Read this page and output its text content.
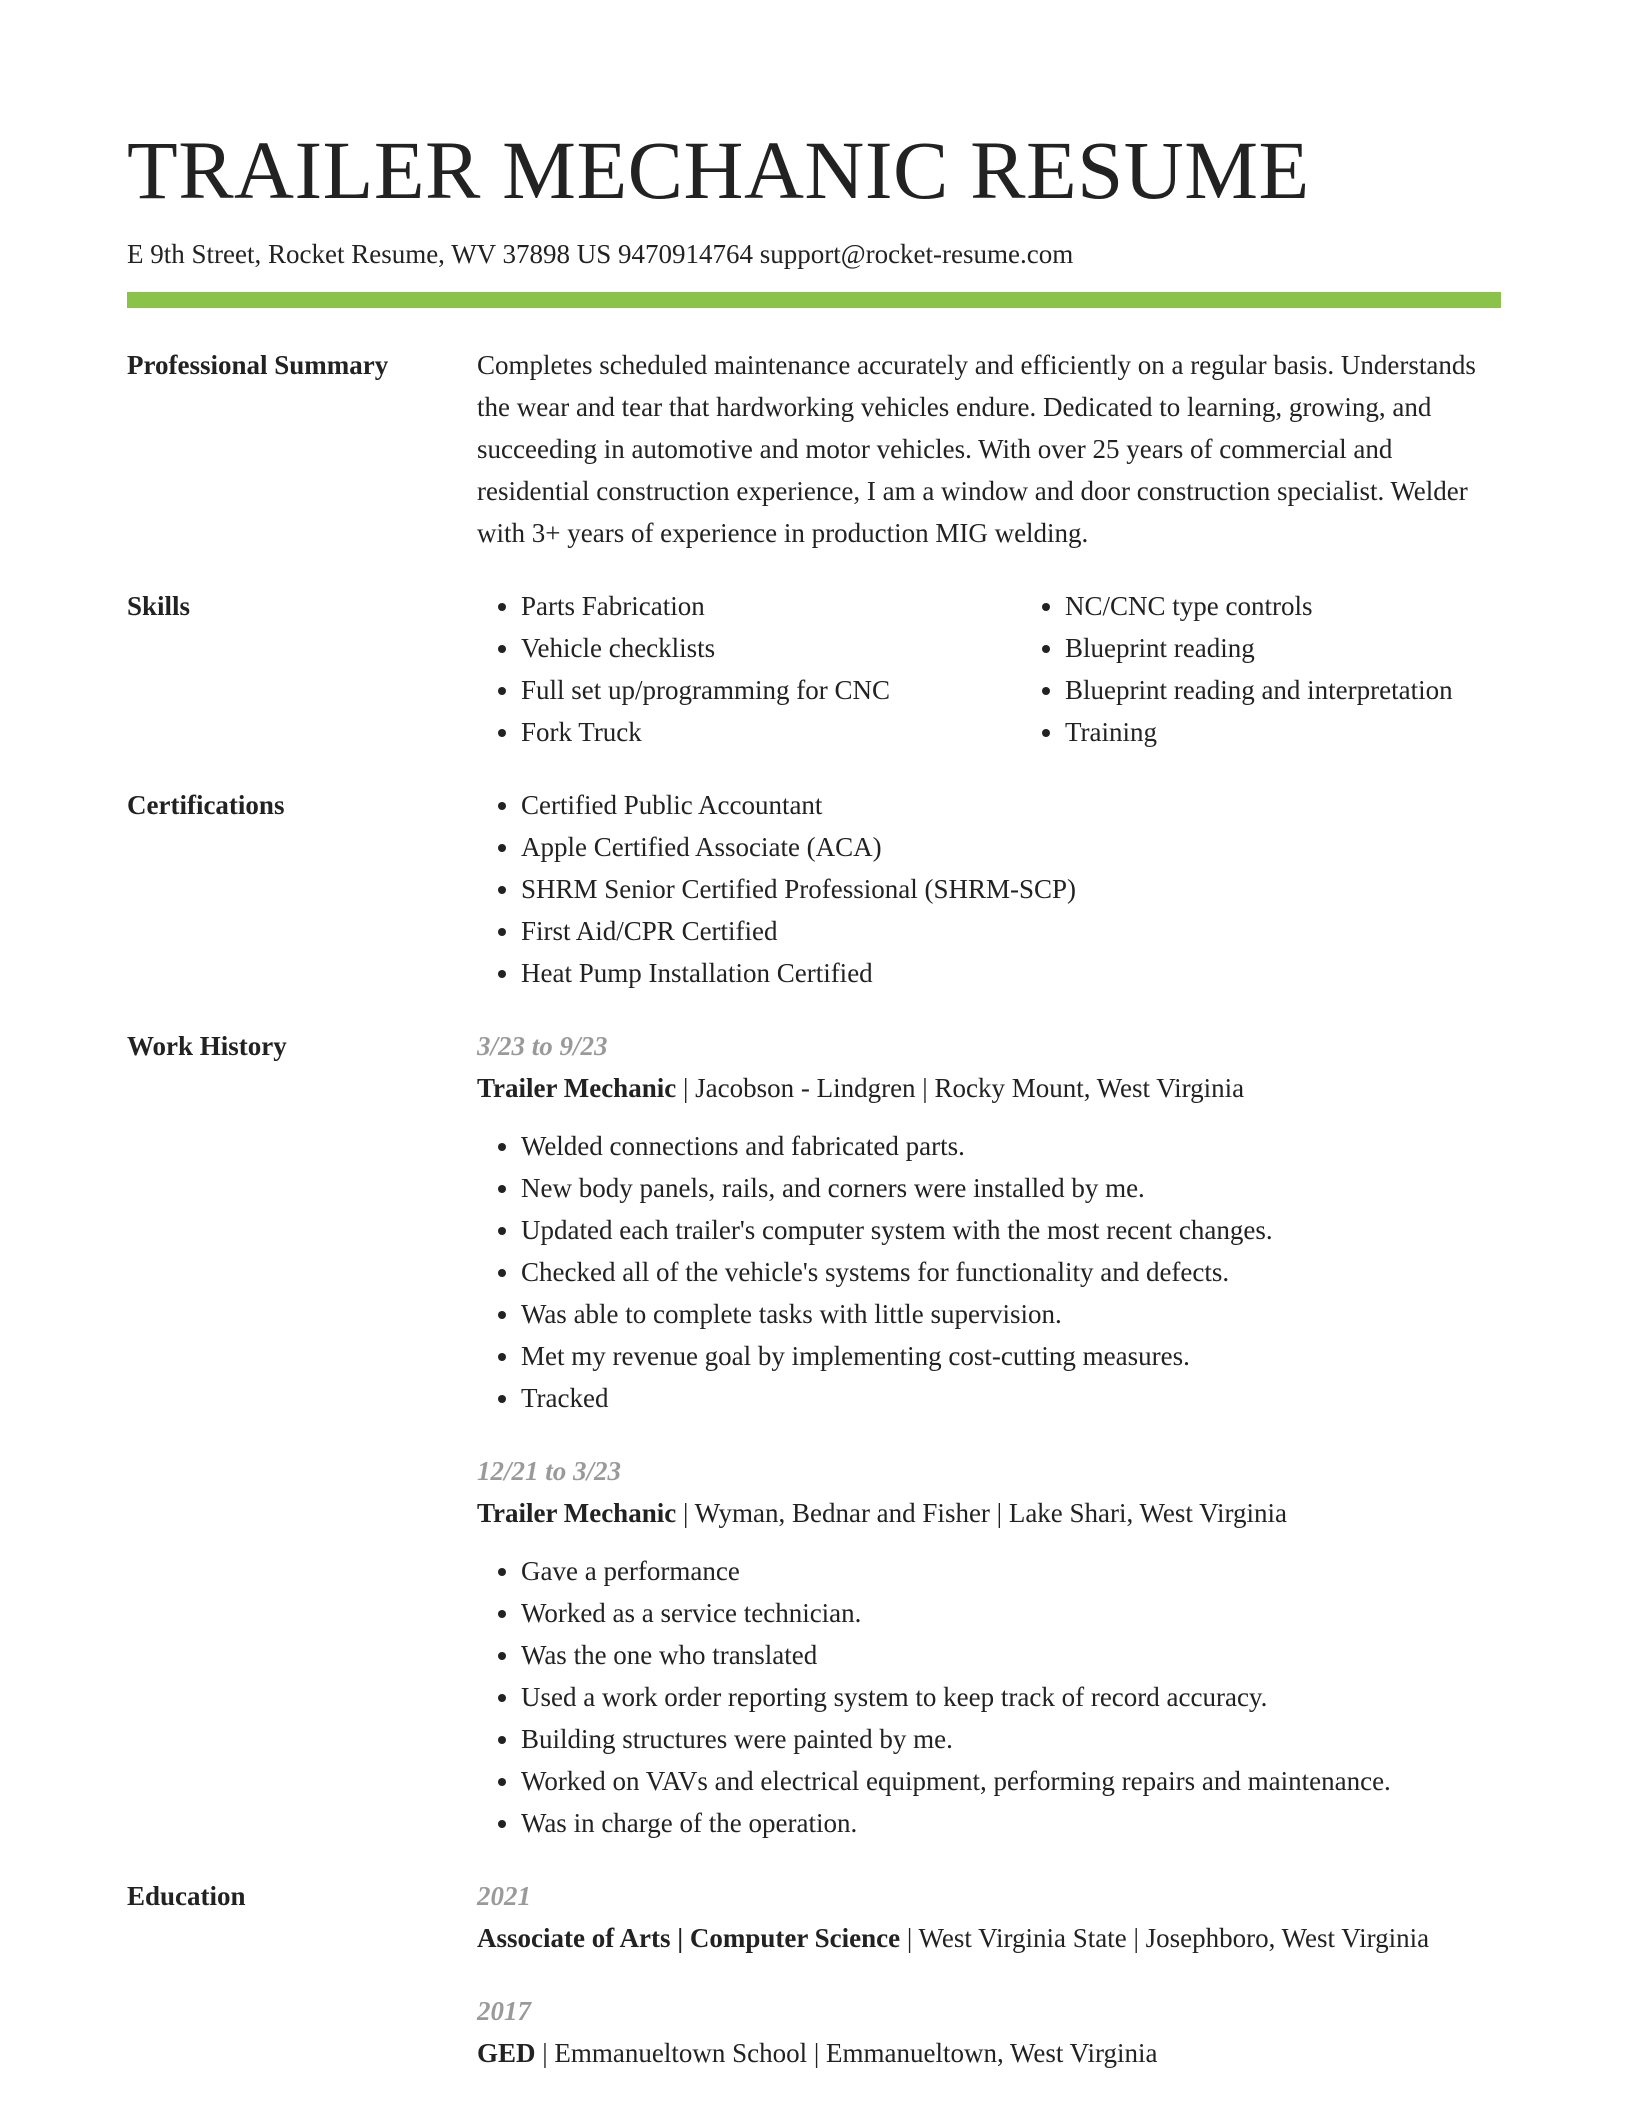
TRAILER MECHANIC RESUME
E 9th Street, Rocket Resume, WV 37898 US 9470914764 support@rocket-resume.com
Professional Summary	Completes scheduled maintenance accurately and efficiently on a regular basis. Understands the wear and tear that hardworking vehicles endure. Dedicated to learning, growing, and succeeding in automotive and motor vehicles. With over 25 years of commercial and residential construction experience, I am a window and door construction specialist. Welder with 3+ years of experience in production MIG welding.

Skills	• Parts Fabrication
• Vehicle checklists
• Full set up/programming for CNC
• Fork Truck
• NC/CNC type controls
• Blueprint reading
• Blueprint reading and interpretation
• Training
Certifications	• Certified Public Accountant
• Apple Certified Associate (ACA)
• SHRM Senior Certified Professional (SHRM-SCP)
• First Aid/CPR Certified
• Heat Pump Installation Certified
Work History	3/23 to 9/23
Trailer Mechanic | Jacobson - Lindgren | Rocky Mount, West Virginia
• Welded connections and fabricated parts.
• New body panels, rails, and corners were installed by me.
• Updated each trailer's computer system with the most recent changes.
• Checked all of the vehicle's systems for functionality and defects.
• Was able to complete tasks with little supervision.
• Met my revenue goal by implementing cost-cutting measures.
• Tracked
12/21 to 3/23
Trailer Mechanic | Wyman, Bednar and Fisher | Lake Shari, West Virginia
• Gave a performance
• Worked as a service technician.
• Was the one who translated
• Used a work order reporting system to keep track of record accuracy.
• Building structures were painted by me.
• Worked on VAVs and electrical equipment, performing repairs and maintenance.
• Was in charge of the operation.
Education	2021
Associate of Arts | Computer Science | West Virginia State | Josephboro, West Virginia
2017
GED | Emmanueltown School | Emmanueltown, West Virginia
